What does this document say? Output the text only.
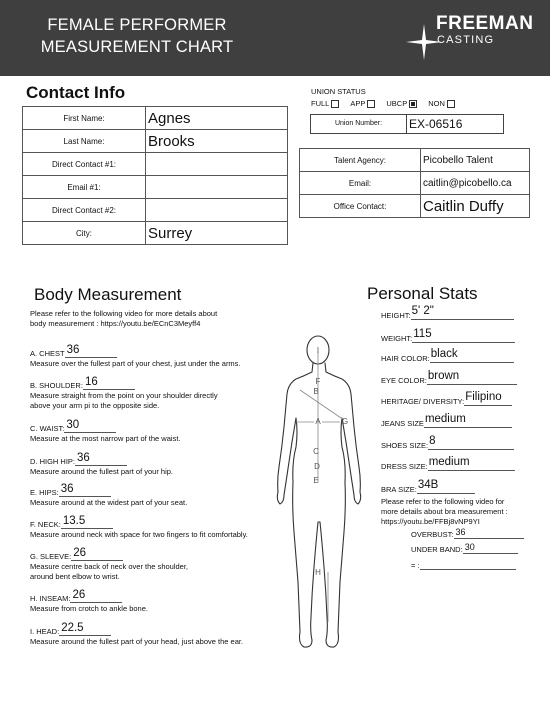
FEMALE PERFORMER
MEASUREMENT CHART
FREEMAN
CASTING
Contact Info
First Name:	Agnes
Last Name:	Brooks
Direct Contact #1:	
Email #1:	
Direct Contact #2:	
City:	Surrey
UNION STATUS
FULL	APP	UBCP	NON
Union Number:	EX-06516
Talent Agency:	Picobello Talent
Email:	caitlin@picobello.ca
Office Contact:	Caitlin Duffy
Body Measurement
Please refer to the following video for more details about
body measurement : https://youtu.be/ECnC3Meyff4
A. CHEST 36
Measure over the fullest part of your chest, just under the arms.
B. SHOULDER: 16
Measure straight from the point on your shoulder directly
above your arm pi to the opposite side.
C. WAIST: 30
Measure at the most narrow part of the waist.
D. HIGH HIP: 36
Measure around the fullest part of your hip.
E. HIPS: 36
Measure around at the widest part of your seat.
F. NECK: 13.5
Measure around neck with space for two fingers to fit comfortably.
G. SLEEVE: 26
Measure centre back of neck over the shoulder,
around bent elbow to wrist.
H. INSEAM: 26
Measure from crotch to ankle bone.
I. HEAD: 22.5
Measure around the fullest part of your head, just above the ear.
I
F
B
A	G
C
D
E
H
Personal Stats
HEIGHT: 5' 2"
WEIGHT: 115
HAIR COLOR: black
EYE COLOR: brown
HERITAGE/ DIVERSITY: Filipino
JEANS SIZE medium
SHOES SIZE: 8
DRESS SIZE: medium
BRA SIZE: 34B
Please refer to the following video for
more details about bra measurement :
https://youtu.be/FFBj8vNP9YI
OVERBUST: 36
UNDER BAND: 30
= :
